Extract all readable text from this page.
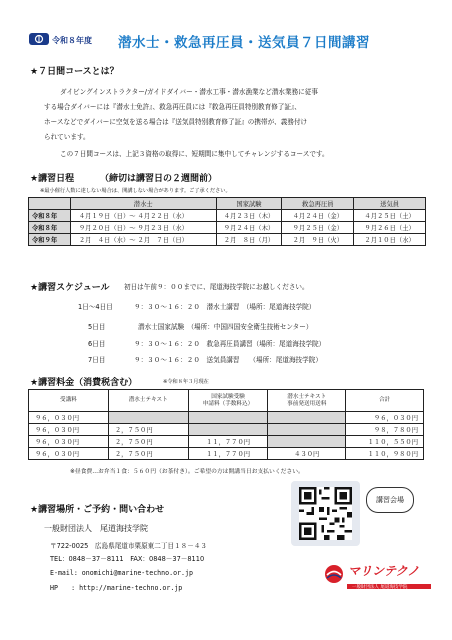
令和８年度 潜水士・救急再圧員・送気員７日間講習
★７日間コースとは？
ダイビングインストラクター/ガイドダイバー・潜水工事・潜水漁業など潜水業務に従事
する場合ダイバーには『潜水士免許』、救急再圧員には『救急再圧員特別教育修了証』、
ホースなどでダイバーに空気を送る場合は『送気員特別教育修了証』の携帯が、義務付け
られています。
この７日間コースは、上記３資格の取得に、短期間に集中してチャレンジするコースです。
★講習日程	（締切は講習日の２週間前）
※最小催行人数に達しない場合は、開講しない場合があります。ご了承ください。
	潜水士	国家試験	救急再圧員	送気員
令和８年	４月１９日（日）～ ４月２２日（水）	４月２３日（木）	４月２４日（金）	４月２５日（土）
令和８年	９月２０日（日）～ ９月２３日（水）	９月２４日（木）	９月２５日（金）	９月２６日（土）
令和９年	２月　４日（水）～ ２月　７日（日）	２月　８日（月）	２月　９日（火）	２月１０日（水）
★講習スケジュール 初日は午前９：００までに、尾道海技学院にお越しください。
1日～4日目	９：３０～１６：２０　潜水士講習　（場所：尾道海技学院）
5日目	潜水士国家試験　（場所：中国四国安全衛生技術センター）
6日目	９：３０～１６：２０　救急再圧員講習（場所：尾道海技学院）
7日目	９：３０～１６：２０　送気員講習　　（場所：尾道海技学院）
★講習料金（消費税含む）	※令和８年３月現在
受講料	潜水士テキスト	国家試験受験
申請料（手数料込）	潜水士テキスト
事前発送用送料	合計
９６，０３０円				９６，０３０円
９６，０３０円	２，７５０円			９８，７８０円
９６，０３０円	２，７５０円	１１，７７０円		１１０，５５０円
９６，０３０円	２，７５０円	１１，７７０円	４３０円	１１０，９８０円
※昼食費…お弁当１食：５６０円（お茶付き）。ご希望の方は開講当日お支払いください。
★講習場所・ご予約・問い合わせ
一般財団法人　尾道海技学院
〒722-0025　広島県尾道市栗原東二丁目１８－４３
TEL：0848－37－8111　FAX：0848－37－8110
E-mail: onomichi@marine-techno.or.jp
HP　　: http://marine-techno.or.jp
講習会場
マリンテクノ
一般財団法人 尾道海技学院
